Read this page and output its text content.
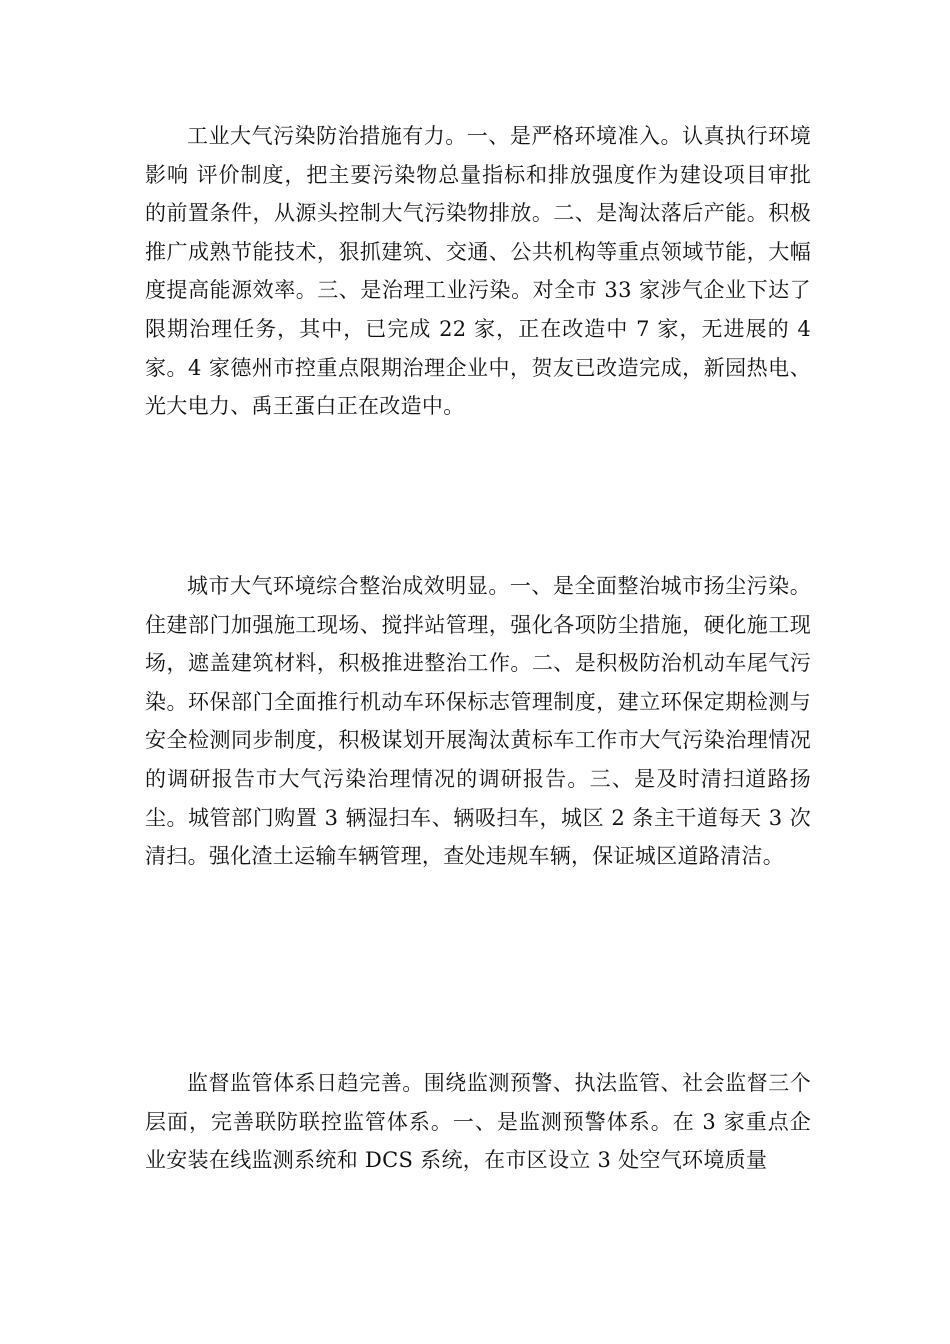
工业大气污染防治措施有力。一、是严格环境准入。认真执行环境影响 评价制度，把主要污染物总量指标和排放强度作为建设项目审批的前置条件，从源头控制大气污染物排放。二、是淘汰落后产能。积极推广成熟节能技术，狠抓建筑、交通、公共机构等重点领域节能，大幅度提高能源效率。三、是治理工业污染。对全市 33 家涉气企业下达了限期治理任务，其中，已完成 22 家，正在改造中 7 家，无进展的 4 家。4 家德州市控重点限期治理企业中，贺友已改造完成，新园热电、光大电力、禹王蛋白正在改造中。

城市大气环境综合整治成效明显。一、是全面整治城市扬尘污染。住建部门加强施工现场、搅拌站管理，强化各项防尘措施，硬化施工现场，遮盖建筑材料，积极推进整治工作。二、是积极防治机动车尾气污染。环保部门全面推行机动车环保标志管理制度，建立环保定期检测与安全检测同步制度，积极谋划开展淘汰黄标车工作市大气污染治理情况的调研报告市大气污染治理情况的调研报告。三、是及时清扫道路扬尘。城管部门购置 3 辆湿扫车、辆吸扫车，城区 2 条主干道每天 3 次清扫。强化渣土运输车辆管理，查处违规车辆，保证城区道路清洁。

监督监管体系日趋完善。围绕监测预警、执法监管、社会监督三个层面，完善联防联控监管体系。一、是监测预警体系。在 3 家重点企业安装在线监测系统和 DCS 系统，在市区设立 3 处空气环境质量
